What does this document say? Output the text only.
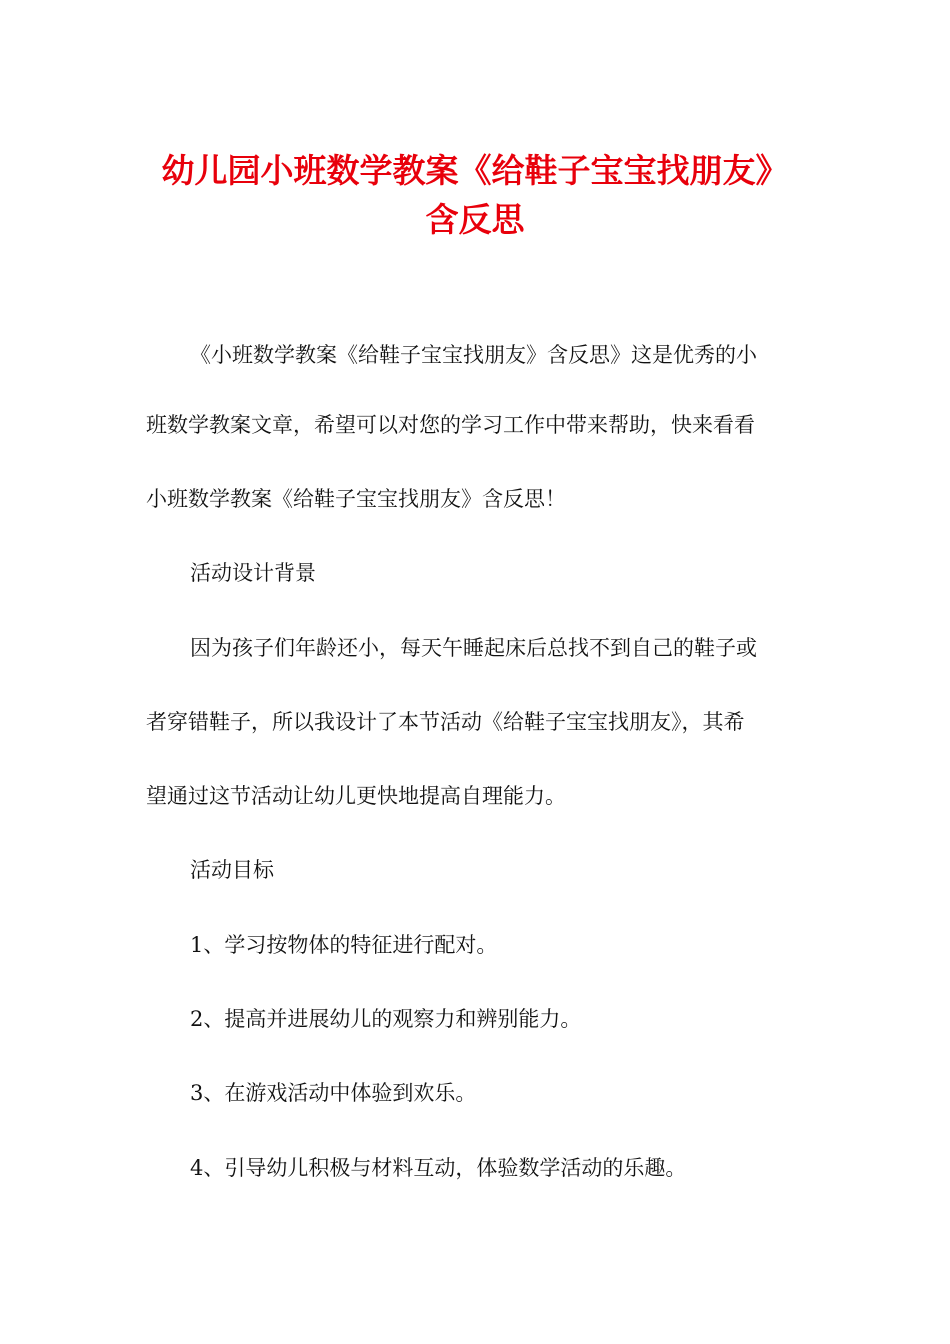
幼儿园小班数学教案《给鞋子宝宝找朋友》
含反思

《小班数学教案《给鞋子宝宝找朋友》含反思》这是优秀的小

班数学教案文章，希望可以对您的学习工作中带来帮助，快来看看

小班数学教案《给鞋子宝宝找朋友》含反思！

活动设计背景

因为孩子们年龄还小，每天午睡起床后总找不到自己的鞋子或

者穿错鞋子，所以我设计了本节活动《给鞋子宝宝找朋友》，其希

望通过这节活动让幼儿更快地提高自理能力。

活动目标

1、学习按物体的特征进行配对。

2、提高并进展幼儿的观察力和辨别能力。

3、在游戏活动中体验到欢乐。

4、引导幼儿积极与材料互动，体验数学活动的乐趣。
